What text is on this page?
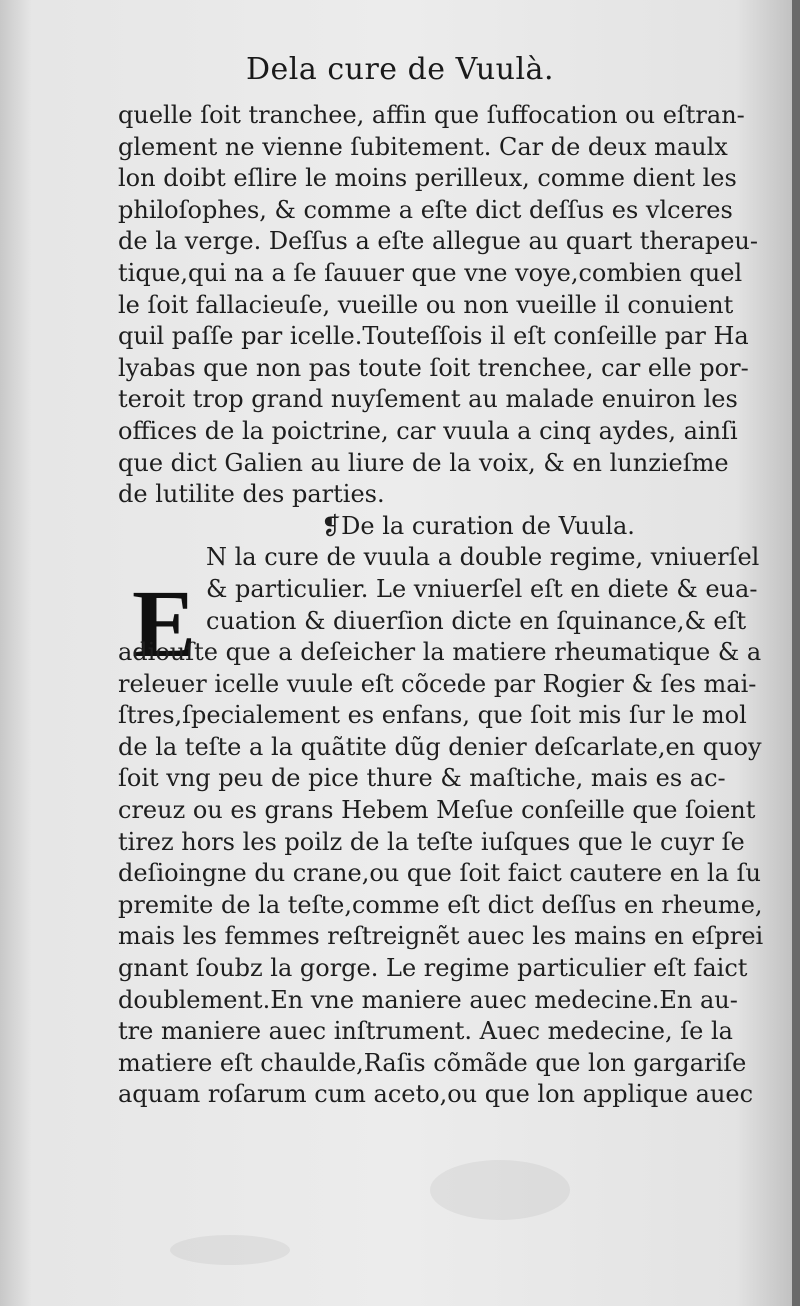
Dela cure de Vuulà.
E
quelle ſoit tranchee, affin que ſuffocation ou eſtran-
glement ne vienne ſubitement. Car de deux maulx
lon doibt eſlire le moins perilleux, comme dient les
philoſophes, & comme a eſte dict deſſus es vlceres
de la verge. Deſſus a eſte allegue au quart therapeu-
tique,qui na a ſe ſauuer que vne voye,combien quel
le ſoit fallacieuſe, vueille ou non vueille il conuient
quil paſſe par icelle.Touteſſois il eſt conſeille par Ha
lyabas que non pas toute ſoit trenchee, car elle por-
teroit trop grand nuyſement au malade enuiron les
offices de la poictrine, car vuula a cinq aydes, ainſi
que dict Galien au liure de la voix, & en lunzieſme
de lutilite des parties.
❡De la curation de Vuula.
N la cure de vuula a double regime, vniuerſel
& particulier. Le vniuerſel eſt en diete & eua-
cuation & diuerſion dicte en ſquinance,& eſt
adiouſte que a deſeicher la matiere rheumatique & a
releuer icelle vuule eſt cõcede par Rogier & ſes mai-
ſtres,ſpecialement es enfans, que ſoit mis ſur le mol
de la teſte a la quãtite dũg denier deſcarlate,en quoy
ſoit vng peu de pice thure & maſtiche, mais es ac-
creuz ou es grans Hebem Meſue conſeille que ſoient
tirez hors les poilz de la teſte iuſques que le cuyr ſe
deſioingne du crane,ou que ſoit faict cautere en la ſu
premite de la teſte,comme eſt dict deſſus en rheume,
mais les femmes reſtreignẽt auec les mains en eſprei
gnant ſoubz la gorge. Le regime particulier eſt faict
doublement.En vne maniere auec medecine.En au-
tre maniere auec inſtrument. Auec medecine, ſe la
matiere eſt chaulde,Raſis cõmãde que lon gargariſe
aquam roſarum cum aceto,ou que lon applique auec
